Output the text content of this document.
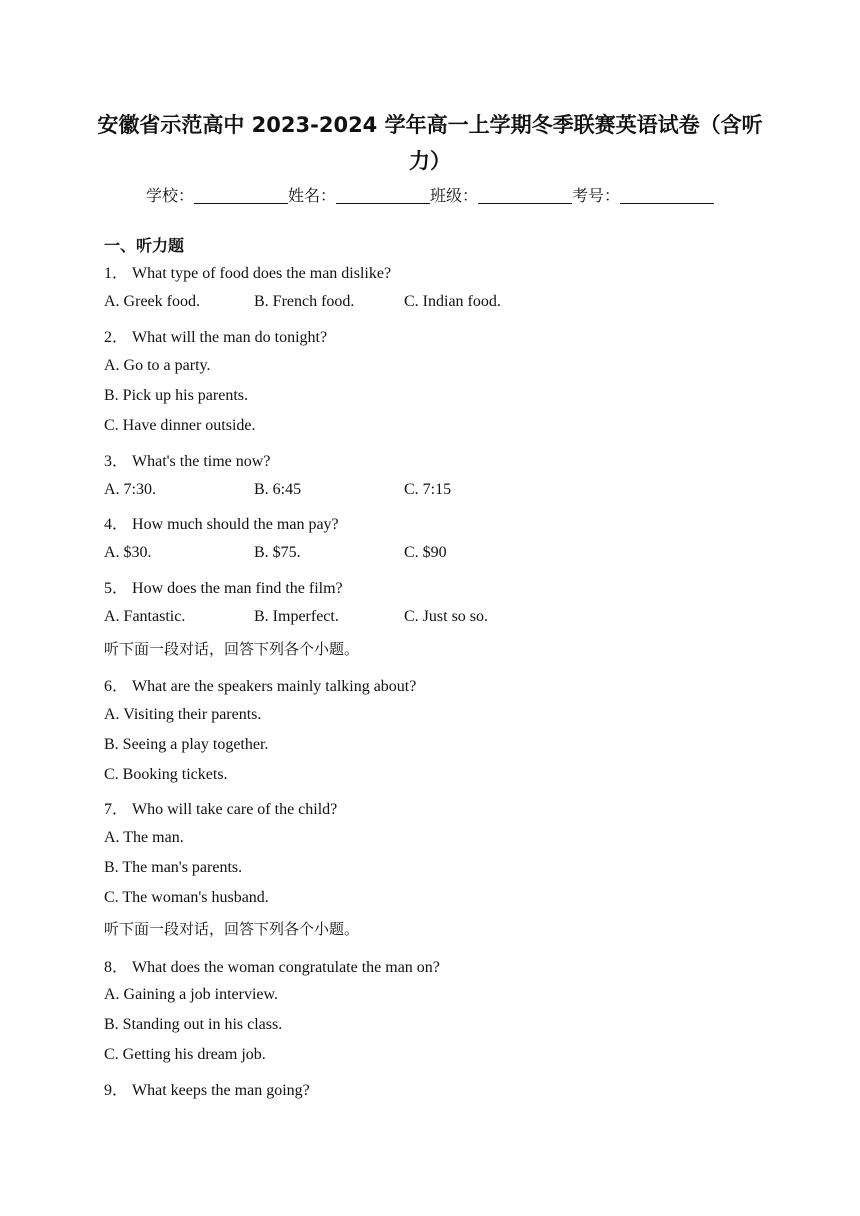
安徽省示范高中 2023-2024 学年高一上学期冬季联赛英语试卷（含听
力）
学校：	姓名：	班级：	考号：
一、听力题
1． What type of food does the man dislike?
A. Greek food.	B. French food.	C. Indian food.
2． What will the man do tonight?
A. Go to a party.
B. Pick up his parents.
C. Have dinner outside.
3． What's the time now?
A. 7:30.	B. 6:45	C. 7:15
4． How much should the man pay?
A. $30.	B. $75.	C. $90
5． How does the man find the film?
A. Fantastic.	B. Imperfect.	C. Just so so.
听下面一段对话，回答下列各个小题。
6． What are the speakers mainly talking about?
A. Visiting their parents.
B. Seeing a play together.
C. Booking tickets.
7． Who will take care of the child?
A. The man.
B. The man's parents.
C. The woman's husband.
听下面一段对话，回答下列各个小题。
8． What does the woman congratulate the man on?
A. Gaining a job interview.
B. Standing out in his class.
C. Getting his dream job.
9． What keeps the man going?
